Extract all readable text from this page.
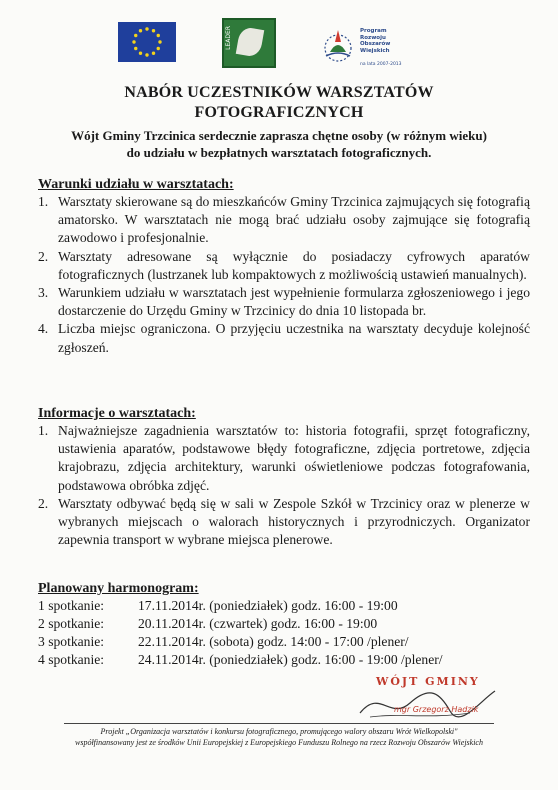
LEADER	Program
Rozwoju
Obszarów
Wiejskich
na lata 2007-2013
NABÓR UCZESTNIKÓW WARSZTATÓW
FOTOGRAFICZNYCH
Wójt Gminy Trzcinica serdecznie zaprasza chętne osoby (w różnym wieku)
do udziału w bezpłatnych warsztatach fotograficznych.
Warunki udziału w warsztatach:
1. Warsztaty skierowane są do mieszkańców Gminy Trzcinica zajmujących się fotografią amatorsko. W warsztatach nie mogą brać udziału osoby zajmujące się fotografią zawodowo i profesjonalnie.
2. Warsztaty adresowane są wyłącznie do posiadaczy cyfrowych aparatów fotograficznych (lustrzanek lub kompaktowych z możliwością ustawień manualnych).
3. Warunkiem udziału w warsztatach jest wypełnienie formularza zgłoszeniowego i jego dostarczenie do Urzędu Gminy w Trzcinicy do dnia 10 listopada br.
4. Liczba miejsc ograniczona. O przyjęciu uczestnika na warsztaty decyduje kolejność zgłoszeń.
Informacje o warsztatach:
1. Najważniejsze zagadnienia warsztatów to: historia fotografii, sprzęt fotograficzny, ustawienia aparatów, podstawowe błędy fotograficzne, zdjęcia portretowe, zdjęcia krajobrazu, zdjęcia architektury, warunki oświetleniowe podczas fotografowania, podstawowa obróbka zdjęć.
2. Warsztaty odbywać będą się w sali w Zespole Szkół w Trzcinicy oraz w plenerze w wybranych miejscach o walorach historycznych i przyrodniczych. Organizator zapewnia transport w wybrane miejsca plenerowe.
Planowany harmonogram:
1 spotkanie:	17.11.2014r. (poniedziałek) godz. 16:00 - 19:00
2 spotkanie:	20.11.2014r. (czwartek) godz. 16:00 - 19:00
3 spotkanie:	22.11.2014r. (sobota) godz. 14:00 - 17:00 /plener/
4 spotkanie:	24.11.2014r. (poniedziałek) godz. 16:00 - 19:00 /plener/
WÓJT GMINY
mgr Grzegorz Hadzik
Projekt „Organizacja warsztatów i konkursu fotograficznego, promującego walory obszaru Wrót Wielkopolski"
współfinansowany jest ze środków Unii Europejskiej z Europejskiego Funduszu Rolnego na rzecz Rozwoju Obszarów Wiejskich
